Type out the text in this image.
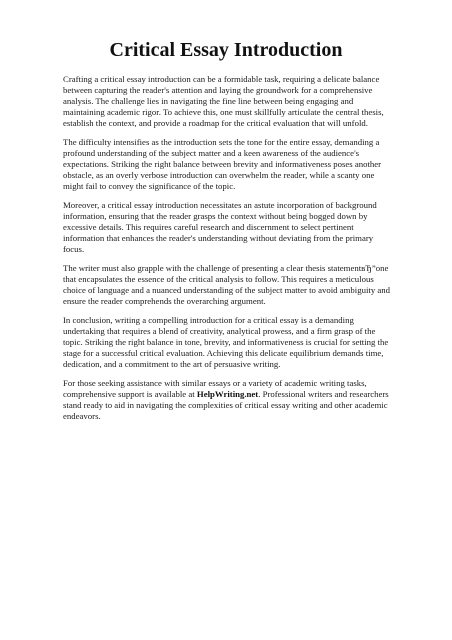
Critical Essay Introduction

Crafting a critical essay introduction can be a formidable task, requiring a delicate balance between capturing the reader's attention and laying the groundwork for a comprehensive analysis. The challenge lies in navigating the fine line between being engaging and maintaining academic rigor. To achieve this, one must skillfully articulate the central thesis, establish the context, and provide a roadmap for the critical evaluation that will unfold.

The difficulty intensifies as the introduction sets the tone for the entire essay, demanding a profound understanding of the subject matter and a keen awareness of the audience's expectations. Striking the right balance between brevity and informativeness poses another obstacle, as an overly verbose introduction can overwhelm the reader, while a scanty one might fail to convey the significance of the topic.

Moreover, a critical essay introduction necessitates an astute incorporation of background information, ensuring that the reader grasps the context without being bogged down by excessive details. This requires careful research and discernment to select pertinent information that enhances the reader's understanding without deviating from the primary focus.

The writer must also grapple with the challenge of presenting a clear thesis statementвЂ”one that encapsulates the essence of the critical analysis to follow. This requires a meticulous choice of language and a nuanced understanding of the subject matter to avoid ambiguity and ensure the reader comprehends the overarching argument.

In conclusion, writing a compelling introduction for a critical essay is a demanding undertaking that requires a blend of creativity, analytical prowess, and a firm grasp of the topic. Striking the right balance in tone, brevity, and informativeness is crucial for setting the stage for a successful critical evaluation. Achieving this delicate equilibrium demands time, dedication, and a commitment to the art of persuasive writing.

For those seeking assistance with similar essays or a variety of academic writing tasks, comprehensive support is available at HelpWriting.net. Professional writers and researchers stand ready to aid in navigating the complexities of critical essay writing and other academic endeavors.
